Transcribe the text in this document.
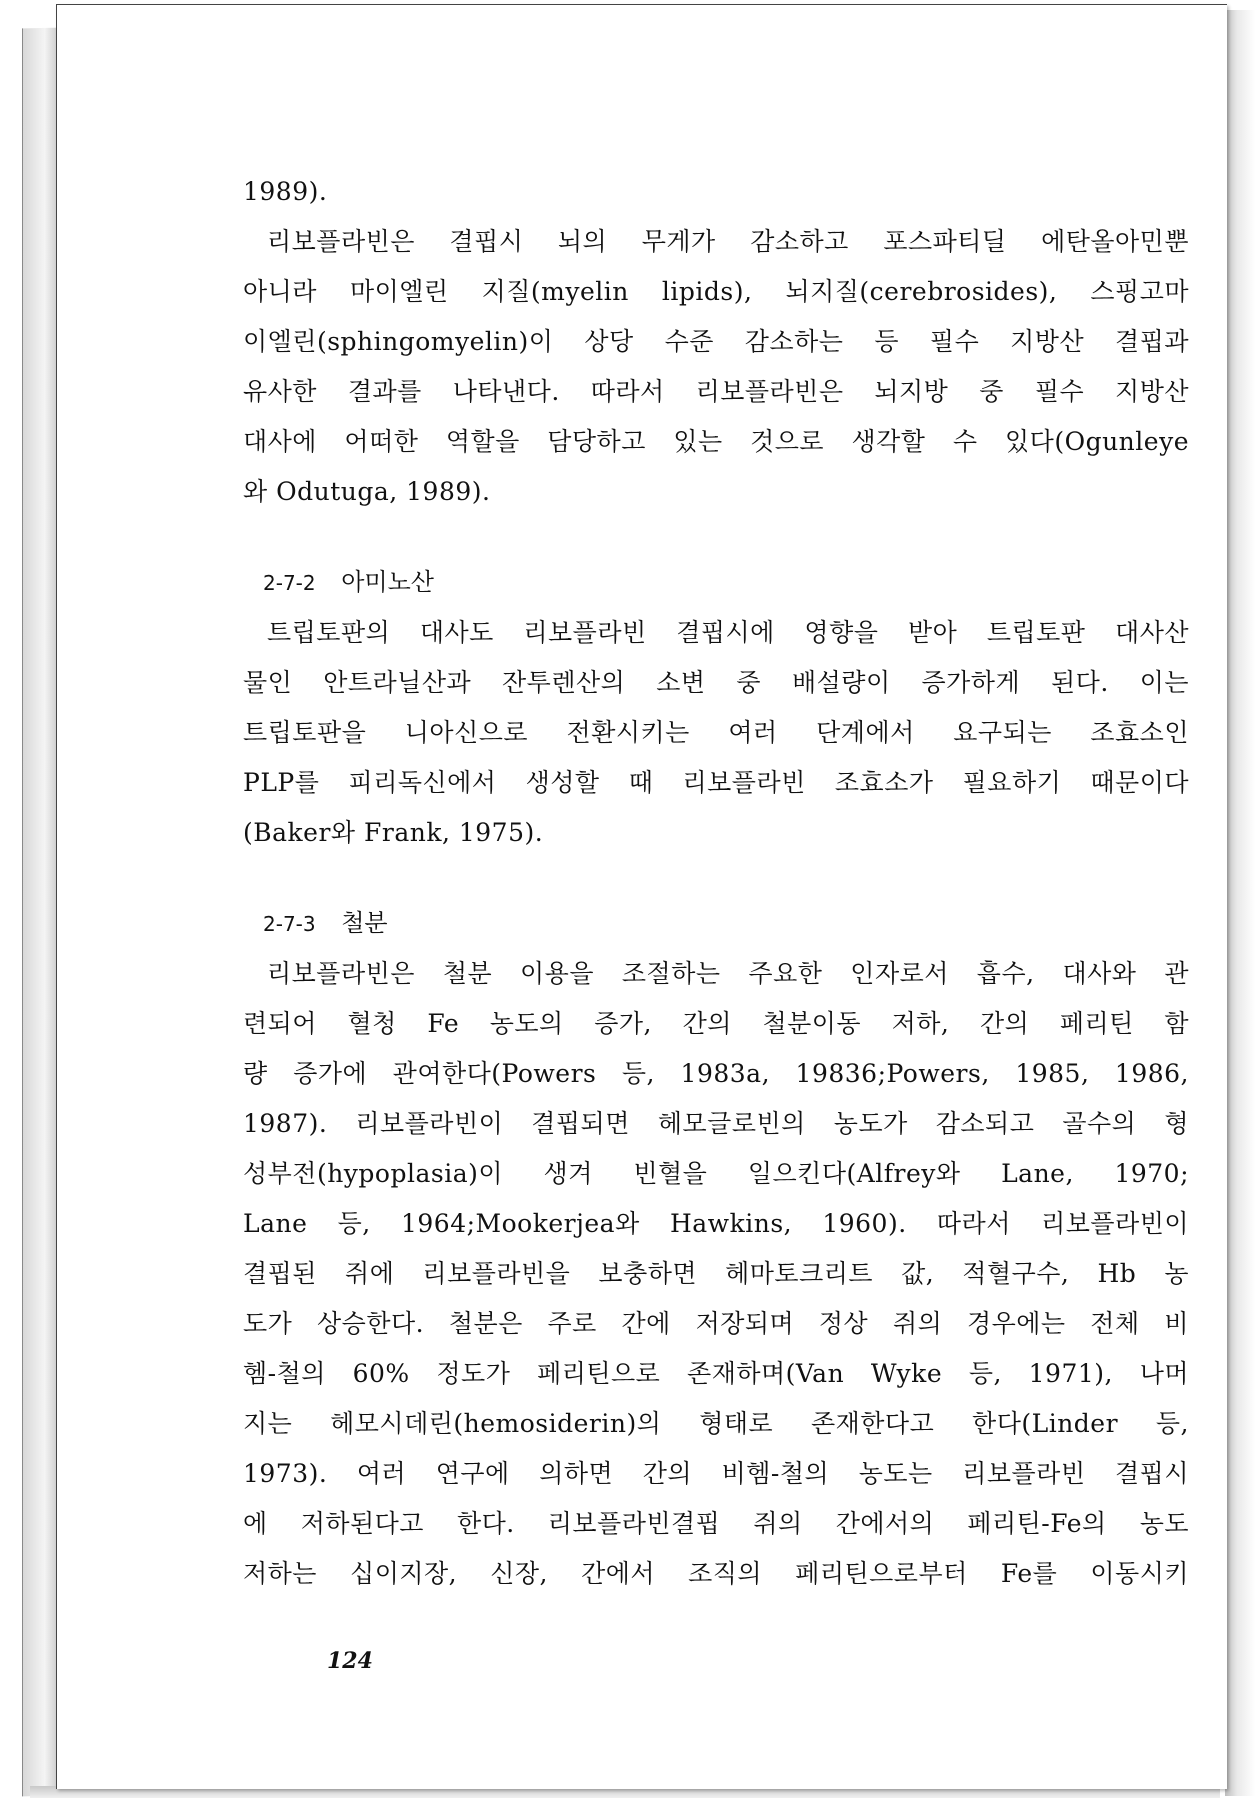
1989).
리보플라빈은 결핍시 뇌의 무게가 감소하고 포스파티딜 에탄올아민뿐
아니라 마이엘린 지질(myelin lipids), 뇌지질(cerebrosides), 스핑고마
이엘린(sphingomyelin)이 상당 수준 감소하는 등 필수 지방산 결핍과
유사한 결과를 나타낸다. 따라서 리보플라빈은 뇌지방 중 필수 지방산
대사에 어떠한 역할을 담당하고 있는 것으로 생각할 수 있다(Ogunleye
와 Odutuga, 1989).
2-7-2 아미노산
트립토판의 대사도 리보플라빈 결핍시에 영향을 받아 트립토판 대사산
물인 안트라닐산과 잔투렌산의 소변 중 배설량이 증가하게 된다. 이는
트립토판을 니아신으로 전환시키는 여러 단계에서 요구되는 조효소인
PLP를 피리독신에서 생성할 때 리보플라빈 조효소가 필요하기 때문이다
(Baker와 Frank, 1975).
2-7-3 철분
리보플라빈은 철분 이용을 조절하는 주요한 인자로서 흡수, 대사와 관
련되어 혈청 Fe 농도의 증가, 간의 철분이동 저하, 간의 페리틴 함
량 증가에 관여한다(Powers 등, 1983a, 19836;Powers, 1985, 1986,
1987). 리보플라빈이 결핍되면 헤모글로빈의 농도가 감소되고 골수의 형
성부전(hypoplasia)이 생겨 빈혈을 일으킨다(Alfrey와 Lane, 1970;
Lane 등, 1964;Mookerjea와 Hawkins, 1960). 따라서 리보플라빈이
결핍된 쥐에 리보플라빈을 보충하면 헤마토크리트 값, 적혈구수, Hb 농
도가 상승한다. 철분은 주로 간에 저장되며 정상 쥐의 경우에는 전체 비
헴-철의 60% 정도가 페리틴으로 존재하며(Van Wyke 등, 1971), 나머
지는 헤모시데린(hemosiderin)의 형태로 존재한다고 한다(Linder 등,
1973). 여러 연구에 의하면 간의 비헴-철의 농도는 리보플라빈 결핍시
에 저하된다고 한다. 리보플라빈결핍 쥐의 간에서의 페리틴-Fe의 농도
저하는 십이지장, 신장, 간에서 조직의 페리틴으로부터 Fe를 이동시키
124
